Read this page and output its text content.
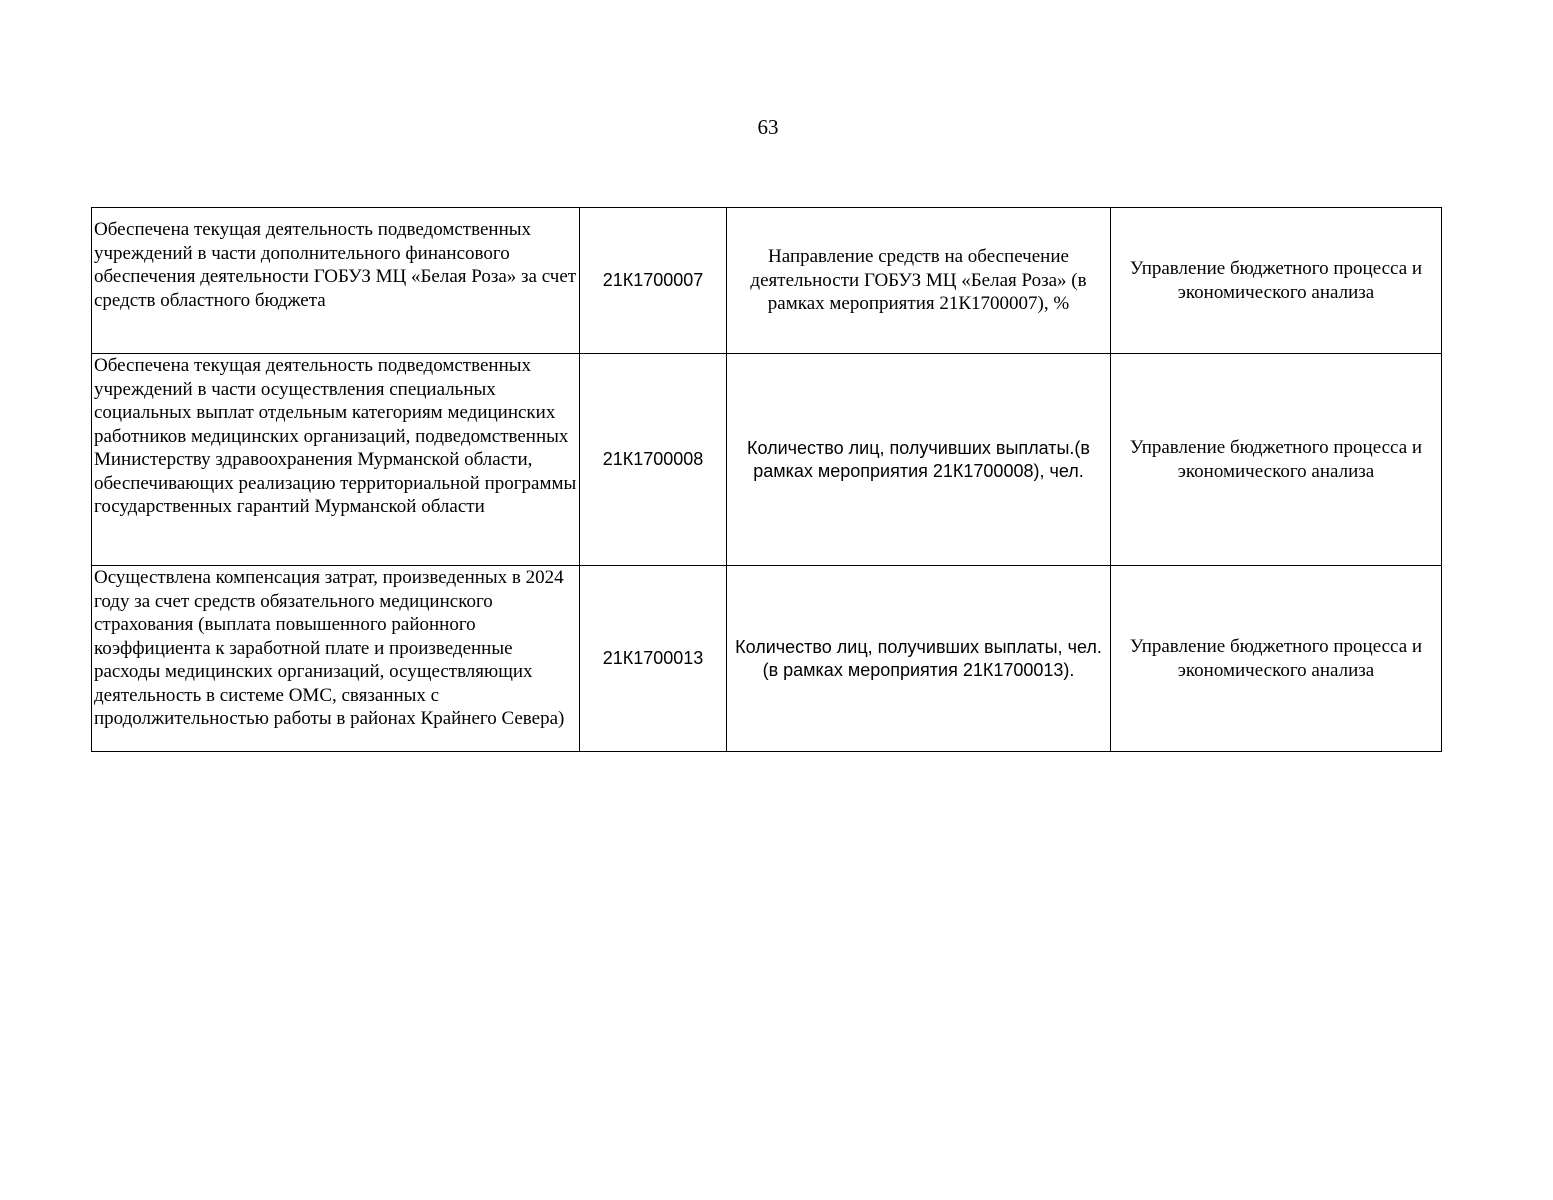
63
Обеспечена текущая деятельность подведомственных учреждений в части дополнительного финансового обеспечения деятельности ГОБУЗ МЦ «Белая Роза» за счет средств областного бюджета	21К1700007	Направление средств на обеспечение деятельности ГОБУЗ МЦ «Белая Роза» (в рамках мероприятия 21К1700007), %	Управление бюджетного процесса и экономического анализа
Обеспечена текущая деятельность подведомственных учреждений в части осуществления специальных социальных выплат отдельным категориям медицинских работников медицинских организаций, подведомственных Министерству здравоохранения Мурманской области, обеспечивающих реализацию территориальной программы государственных гарантий Мурманской области	21К1700008	Количество лиц, получивших выплаты.(в рамках мероприятия 21К1700008), чел.	Управление бюджетного процесса и экономического анализа
Осуществлена компенсация затрат, произведенных в 2024 году за счет средств обязательного медицинского страхования (выплата повышенного районного коэффициента к заработной плате и произведенные расходы медицинских организаций, осуществляющих деятельность в системе ОМС, связанных с продолжительностью работы в районах Крайнего Севера)	21К1700013	Количество лиц, получивших выплаты, чел.(в рамках мероприятия 21К1700013).	Управление бюджетного процесса и экономического анализа
